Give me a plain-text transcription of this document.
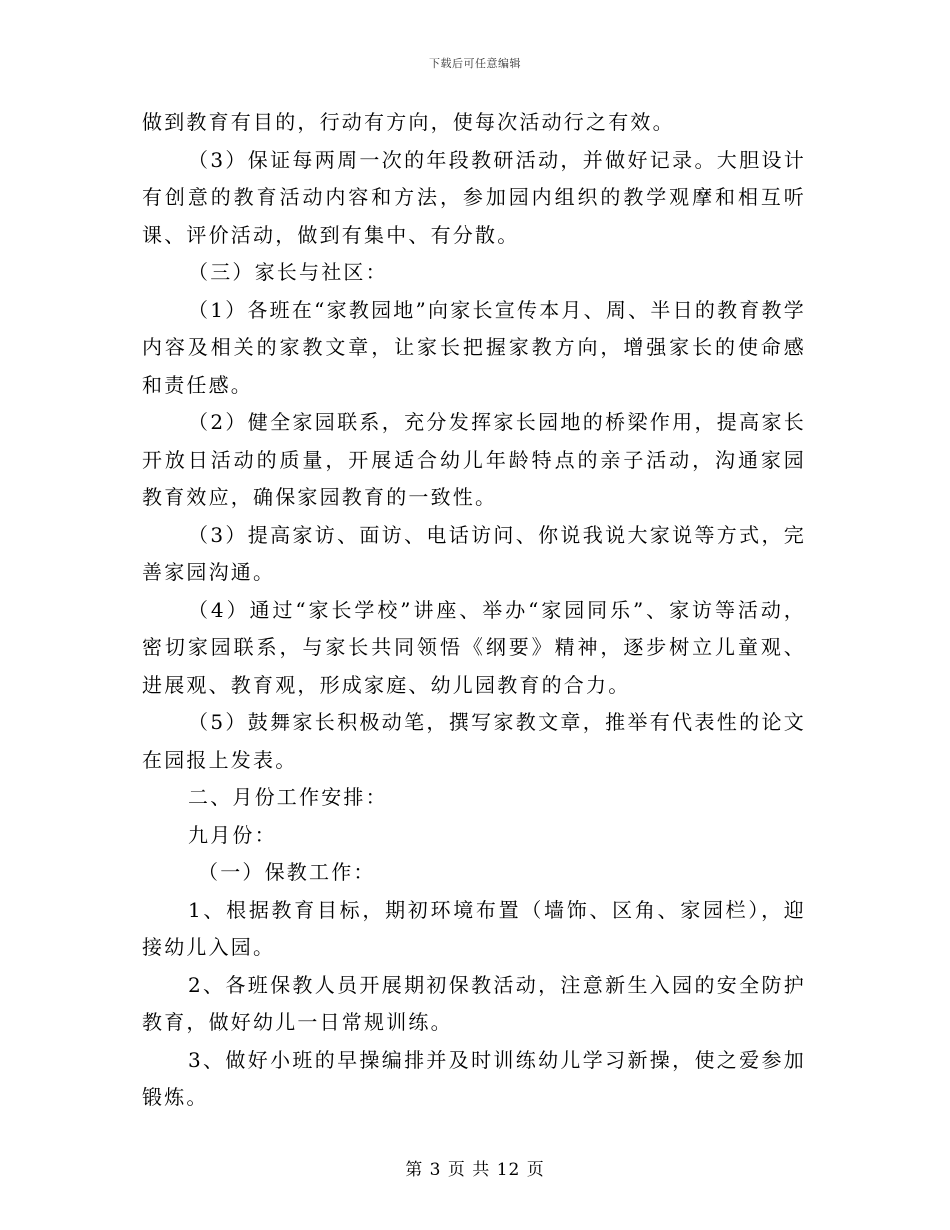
下载后可任意编辑

做到教育有目的，行动有方向，使每次活动行之有效。

（3）保证每两周一次的年段教研活动，并做好记录。大胆设计有创意的教育活动内容和方法，参加园内组织的教学观摩和相互听课、评价活动，做到有集中、有分散。

（三）家长与社区：

（1）各班在“家教园地”向家长宣传本月、周、半日的教育教学内容及相关的家教文章，让家长把握家教方向，增强家长的使命感和责任感。

（2）健全家园联系，充分发挥家长园地的桥梁作用，提高家长开放日活动的质量，开展适合幼儿年龄特点的亲子活动，沟通家园教育效应，确保家园教育的一致性。

（3）提高家访、面访、电话访问、你说我说大家说等方式，完善家园沟通。

（4）通过“家长学校”讲座、举办“家园同乐”、家访等活动，密切家园联系，与家长共同领悟《纲要》精神，逐步树立儿童观、进展观、教育观，形成家庭、幼儿园教育的合力。

（5）鼓舞家长积极动笔，撰写家教文章，推举有代表性的论文在园报上发表。

二、月份工作安排：

九月份：

（一）保教工作：

1、根据教育目标，期初环境布置（墙饰、区角、家园栏），迎接幼儿入园。

2、各班保教人员开展期初保教活动，注意新生入园的安全防护教育，做好幼儿一日常规训练。

3、做好小班的早操编排并及时训练幼儿学习新操，使之爱参加锻炼。

第 3 页 共 12 页
